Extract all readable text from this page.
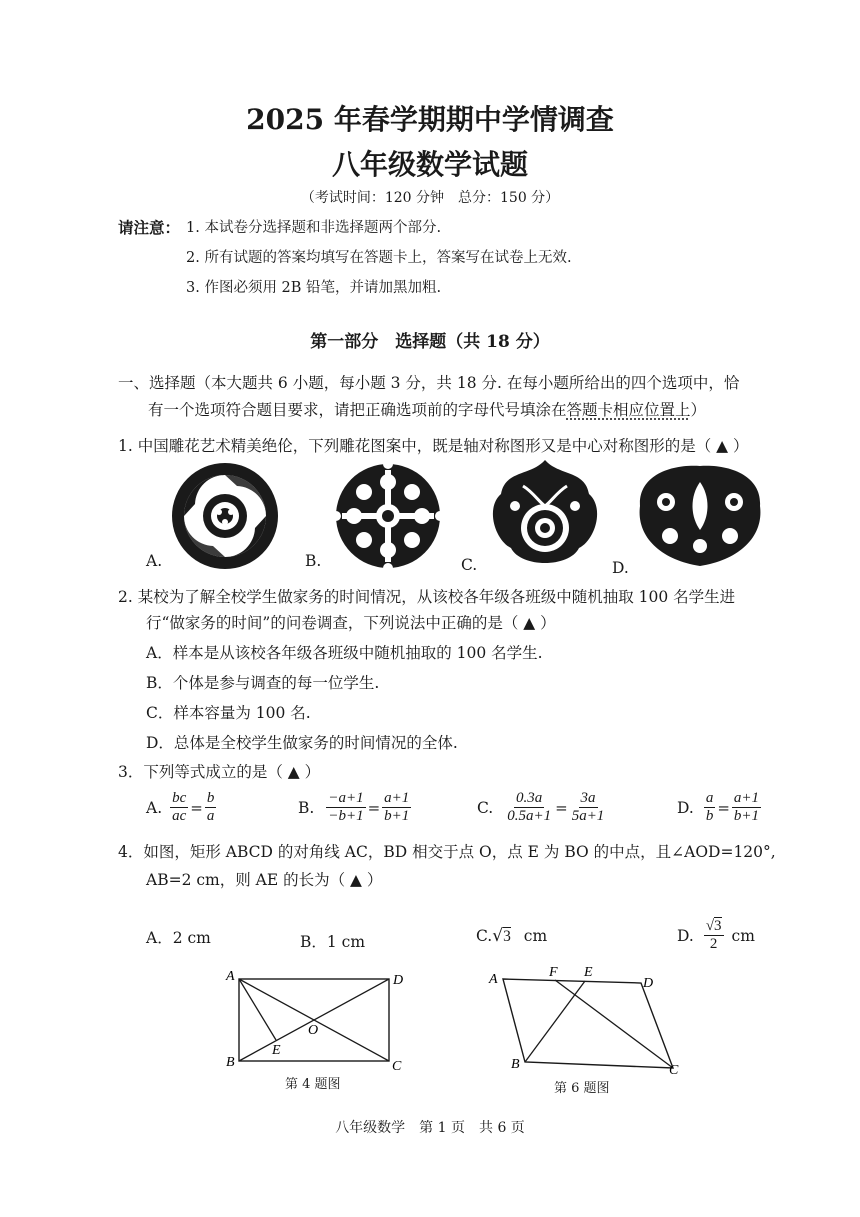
2025 年春学期期中学情调查
八年级数学试题
（考试时间：120 分钟　总分：150 分）
请注意： 1. 本试卷分选择题和非选择题两个部分.
2. 所有试题的答案均填写在答题卡上，答案写在试卷上无效.
3. 作图必须用 2B 铅笔，并请加黑加粗.
第一部分　选择题（共 18 分）
一、选择题（本大题共 6 小题，每小题 3 分，共 18 分. 在每小题所给出的四个选项中，恰
有一个选项符合题目要求，请把正确选项前的字母代号填涂在答题卡相应位置上）
1. 中国雕花艺术精美绝伦，下列雕花图案中，既是轴对称图形又是中心对称图形的是（ ▲ ）
A.	B.	C.	D.
2. 某校为了解全校学生做家务的时间情况，从该校各年级各班级中随机抽取 100 名学生进
行“做家务的时间”的问卷调查，下列说法中正确的是（ ▲ ）
A．样本是从该校各年级各班级中随机抽取的 100 名学生.
B．个体是参与调查的每一位学生.
C．样本容量为 100 名.
D．总体是全校学生做家务的时间情况的全体.
3．下列等式成立的是（ ▲ ）
A. $\frac{bc}{ac} = \frac{b}{a}$	B. $\frac{-a+1}{-b+1} = \frac{a+1}{b+1}$	C. $\frac{0.3a}{0.5a+1} = \frac{3a}{5a+1}$	D. $\frac{a}{b} = \frac{a+1}{b+1}$
4．如图，矩形 ABCD 的对角线 AC，BD 相交于点 O，点 E 为 BO 的中点，且∠AOD=120°,
AB=2 cm，则 AE 的长为（ ▲ ）
A．2 cm	B．1 cm	C.√3 cm	D. $\frac{√3}{2}$ cm
A
B	C
D
O
E
第 4 题图
A
B	C
D
F E
第 6 题图
八年级数学　第 1 页　共 6 页
